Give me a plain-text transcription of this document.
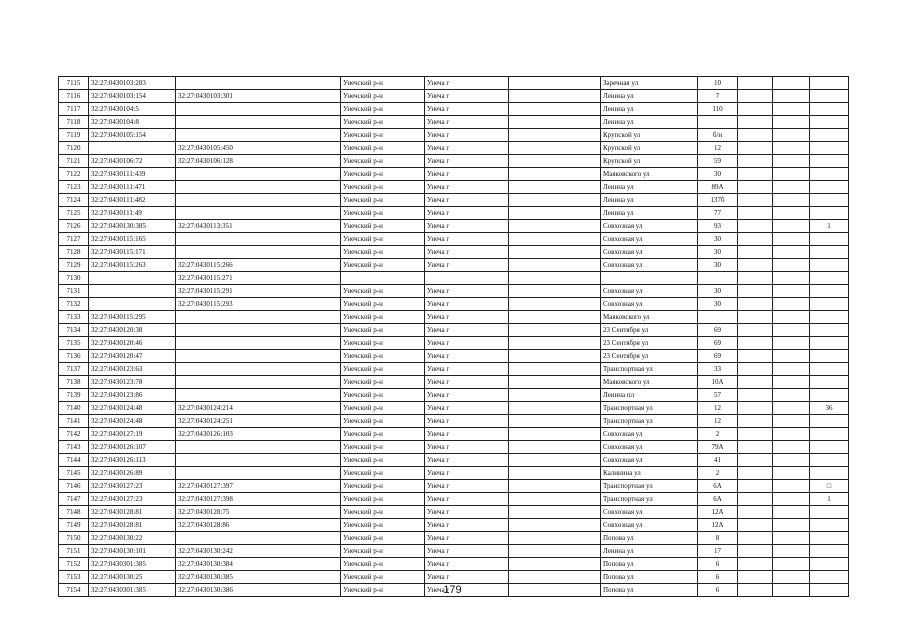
7115	32:27:0430103:283		Унечский р-н	Унеча г		Заречная ул	10			
7116	32:27:0430103:154	32:27:0430103:301	Унечский р-н	Унеча г		Ленина ул	7			
7117	32:27:0430104:5		Унечский р-н	Унеча г		Ленина ул	110			
7118	32:27:0430104:8		Унечский р-н	Унеча г		Ленина ул				
7119	32:27:0430105:154		Унечский р-н	Унеча г		Крупской ул	б/н			
7120		32:27:0430105:450	Унечский р-н	Унеча г		Крупской ул	12			
7121	32:27:0430106:72	32:27:0430106:128	Унечский р-н	Унеча г		Крупской ул	59			
7122	32:27:0430111:439		Унечский р-н	Унеча г		Маяковского ул	30			
7123	32:27:0430111:471		Унечский р-н	Унеча г		Ленина ул	89А			
7124	32:27:0430111:482		Унечский р-н	Унеча г		Ленина ул	137б			
7125	32:27:0430111:49		Унечский р-н	Унеча г		Ленина ул	77			
7126	32:27:0430130:385	32:27:0430113:351	Унечский р-н	Унеча г		Совхозная ул	93			1
7127	32:27:0430115:165		Унечский р-н	Унеча г		Совхозная ул	30			
7128	32:27:0430115:171		Унечский р-н	Унеча г		Совхозная ул	30			
7129	32:27:0430115:263	32:27:0430115:266	Унечский р-н	Унеча г		Совхозная ул	30			
7130		32:27:0430115:271								
7131		32:27:0430115:291	Унечский р-н	Унеча г		Совхозная ул	30			
7132		32:27:0430115:293	Унечский р-н	Унеча г		Совхозная ул	30			
7133	32:27:0430115:295		Унечский р-н	Унеча г		Маяковского ул				
7134	32:27:0430120:38		Унечский р-н	Унеча г		23 Сентября ул	69			
7135	32:27:0430120:46		Унечский р-н	Унеча г		23 Сентября ул	69			
7136	32:27:0430120:47		Унечский р-н	Унеча г		23 Сентября ул	69			
7137	32:27:0430123:63		Унечский р-н	Унеча г		Транспортная ул	33			
7138	32:27:0430123:78		Унечский р-н	Унеча г		Маяковского ул	10А			
7139	32:27:0430123:86		Унечский р-н	Унеча г		Ленина пл	57			
7140	32:27:0430124:48	32:27:0430124:214	Унечский р-н	Унеча г		Транспортная ул	12			36
7141	32:27:0430124:48	32:27:0430124:251	Унечский р-н	Унеча г		Транспортная ул	12			
7142	32:27:0430127:19	32:27:0430126:103	Унечский р-н	Унеча г		Совхозная ул	2			
7143	32:27:0430126:107		Унечский р-н	Унеча г		Совхозная ул	79А			
7144	32:27:0430126:113		Унечский р-н	Унеча г		Совхозная ул	41			
7145	32:27:0430126:89		Унечский р-н	Унеча г		Калинина ул	2			
7146	32:27:0430127:23	32:27:0430127:397	Унечский р-н	Унеча г		Транспортная ул	6А			□
7147	32:27:0430127:23	32:27:0430127:398	Унечский р-н	Унеча г		Транспортная ул	6А			1
7148	32:27:0430128:81	32:27:0430128:75	Унечский р-н	Унеча г		Совхозная ул	12А			
7149	32:27:0430128:81	32:27:0430128:86	Унечский р-н	Унеча г		Совхозная ул	12А			
7150	32:27:0430130:22		Унечский р-н	Унеча г		Попова ул	8			
7151	32:27:0430130:101	32:27:0430130:242	Унечский р-н	Унеча г		Ленина ул	17			
7152	32:27:0430301:385	32:27:0430130:384	Унечский р-н	Унеча г		Попова ул	6			
7153	32:27:0430130:25	32:27:0430130:385	Унечский р-н	Унеча г		Попова ул	6			
7154	32:27:0430301:385	32:27:0430130:386	Унечский р-н	Унеча г		Попова ул	6			
179
